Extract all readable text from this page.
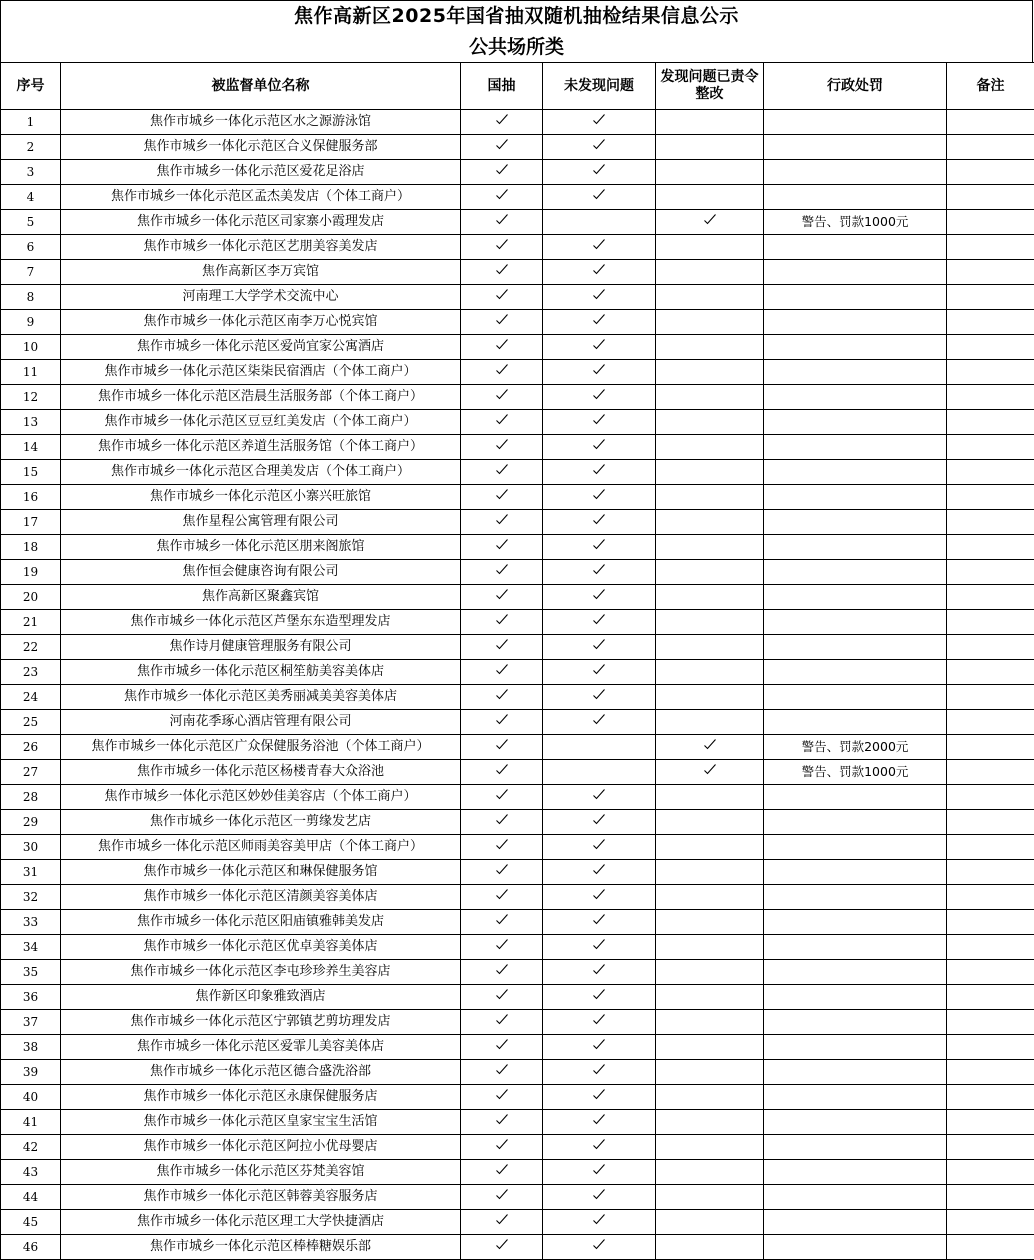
焦作高新区2025年国省抽双随机抽检结果信息公示
公共场所类
序号	被监督单位名称	国抽	未发现问题	发现问题已责令整改	行政处罚	备注
1	焦作市城乡一体化示范区水之源游泳馆	

2	焦作市城乡一体化示范区合义保健服务部	

3	焦作市城乡一体化示范区爱花足浴店	

4	焦作市城乡一体化示范区孟杰美发店（个体工商户）	

5	焦作市城乡一体化示范区司家寨小霞理发店				警告、罚款1000元	
6	焦作市城乡一体化示范区艺朋美容美发店	

7	焦作高新区李万宾馆	

8	河南理工大学学术交流中心	

9	焦作市城乡一体化示范区南李万心悦宾馆	

10	焦作市城乡一体化示范区爱尚宜家公寓酒店	

11	焦作市城乡一体化示范区柒柒民宿酒店（个体工商户）	

12	焦作市城乡一体化示范区浩晨生活服务部（个体工商户）	

13	焦作市城乡一体化示范区豆豆红美发店（个体工商户）	

14	焦作市城乡一体化示范区养道生活服务馆（个体工商户）	

15	焦作市城乡一体化示范区合理美发店（个体工商户）	

16	焦作市城乡一体化示范区小寨兴旺旅馆	

17	焦作星程公寓管理有限公司	

18	焦作市城乡一体化示范区朋来阁旅馆	

19	焦作恒会健康咨询有限公司	

20	焦作高新区聚鑫宾馆	

21	焦作市城乡一体化示范区芦堡东东造型理发店	

22	焦作诗月健康管理服务有限公司	

23	焦作市城乡一体化示范区桐笙舫美容美体店	

24	焦作市城乡一体化示范区美秀丽减美美容美体店	

25	河南花季琢心酒店管理有限公司	

26	焦作市城乡一体化示范区广众保健服务浴池（个体工商户）				警告、罚款2000元	
27	焦作市城乡一体化示范区杨楼青春大众浴池				警告、罚款1000元	
28	焦作市城乡一体化示范区妙妙佳美容店（个体工商户）	

29	焦作市城乡一体化示范区一剪缘发艺店	

30	焦作市城乡一体化示范区师雨美容美甲店（个体工商户）	

31	焦作市城乡一体化示范区和琳保健服务馆	

32	焦作市城乡一体化示范区清颜美容美体店	

33	焦作市城乡一体化示范区阳庙镇雅韩美发店	

34	焦作市城乡一体化示范区优卓美容美体店	

35	焦作市城乡一体化示范区李屯珍珍养生美容店	

36	焦作新区印象雅致酒店	

37	焦作市城乡一体化示范区宁郭镇艺剪坊理发店	

38	焦作市城乡一体化示范区爱霏儿美容美体店	

39	焦作市城乡一体化示范区德合盛洗浴部	

40	焦作市城乡一体化示范区永康保健服务店	

41	焦作市城乡一体化示范区皇家宝宝生活馆	

42	焦作市城乡一体化示范区阿拉小优母婴店	

43	焦作市城乡一体化示范区芬梵美容馆	

44	焦作市城乡一体化示范区韩蓉美容服务店	

45	焦作市城乡一体化示范区理工大学快捷酒店	

46	焦作市城乡一体化示范区棒棒糖娱乐部	
